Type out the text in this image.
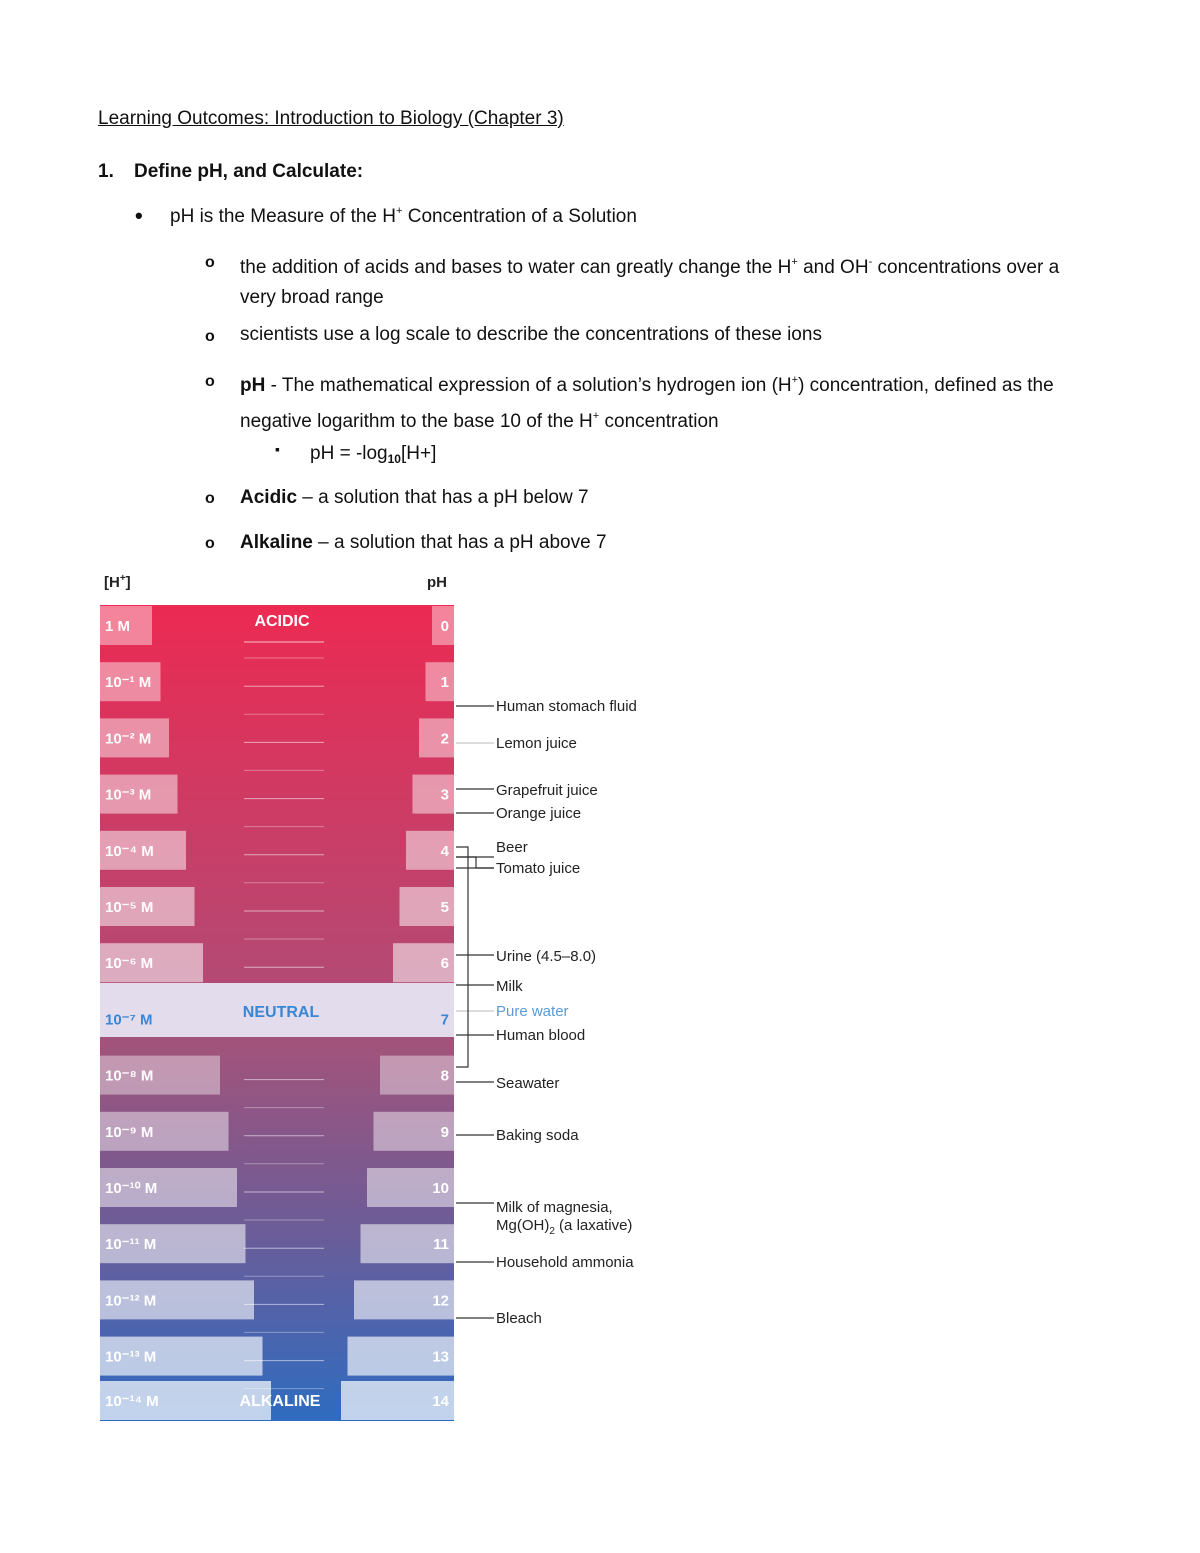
Learning Outcomes: Introduction to Biology (Chapter 3)
1. Define pH, and Calculate:
• pH is the Measure of the H+ Concentration of a Solution
o the addition of acids and bases to water can greatly change the H+ and OH- concentrations over a
very broad range
o scientists use a log scale to describe the concentrations of these ions
o pH - The mathematical expression of a solution’s hydrogen ion (H+) concentration, defined as the
negative logarithm to the base 10 of the H+ concentration
▪ pH = $-\log_{10}[H+]$
o Acidic – a solution that has a pH below 7
o Alkaline – a solution that has a pH above 7
[H+]	pH
1 M	0
10⁻¹ M	1
10⁻² M	2
10⁻³ M	3
10⁻⁴ M	4
10⁻⁵ M	5
10⁻⁶ M	6
10⁻⁷ M	7
10⁻⁸ M	8
10⁻⁹ M	9
10⁻¹⁰ M	10
10⁻¹¹ M	11
10⁻¹² M	12
10⁻¹³ M	13
10⁻¹⁴ M	14
ACIDIC
NEUTRAL
ALKALINE
Human stomach fluid
Lemon juice
Grapefruit juice
Orange juice
Beer
Tomato juice
Urine (4.5–8.0)
Milk
Pure water
Human blood
Seawater
Baking soda
Milk of magnesia,
$Mg(OH)_2$ (a laxative)
Household ammonia
Bleach
